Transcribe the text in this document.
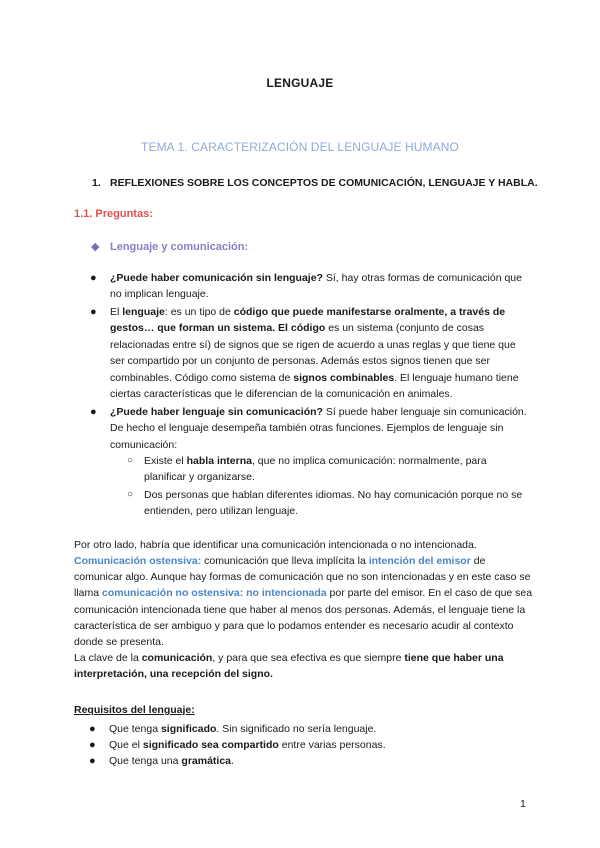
LENGUAJE
TEMA 1. CARACTERIZACIÓN DEL LENGUAJE HUMANO
1. REFLEXIONES SOBRE LOS CONCEPTOS DE COMUNICACIÓN, LENGUAJE Y HABLA.
1.1. Preguntas:
◆ Lenguaje y comunicación:
● ¿Puede haber comunicación sin lenguaje? Sí, hay otras formas de comunicación que no implican lenguaje.
● El lenguaje: es un tipo de código que puede manifestarse oralmente, a través de gestos… que forman un sistema. El código es un sistema (conjunto de cosas relacionadas entre sí) de signos que se rigen de acuerdo a unas reglas y que tiene que ser compartido por un conjunto de personas. Además estos signos tienen que ser combinables. Código como sistema de signos combinables. El lenguaje humano tiene ciertas características que le diferencian de la comunicación en animales.
● ¿Puede haber lenguaje sin comunicación? Sí puede haber lenguaje sin comunicación. De hecho el lenguaje desempeña también otras funciones. Ejemplos de lenguaje sin comunicación:
○ Existe el habla interna, que no implica comunicación: normalmente, para planificar y organizarse.
○ Dos personas que hablan diferentes idiomas. No hay comunicación porque no se entienden, pero utilizan lenguaje.
Por otro lado, habría que identificar una comunicación intencionada o no intencionada.
Comunicación ostensiva: comunicación que lleva implícita la intención del emisor de comunicar algo. Aunque hay formas de comunicación que no son intencionadas y en este caso se llama comunicación no ostensiva: no intencionada por parte del emisor. En el caso de que sea comunicación intencionada tiene que haber al menos dos personas. Además, el lenguaje tiene la característica de ser ambiguo y para que lo podamos entender es necesario acudir al contexto donde se presenta.
La clave de la comunicación, y para que sea efectiva es que siempre tiene que haber una interpretación, una recepción del signo.
Requisitos del lenguaje:
● Que tenga significado. Sin significado no sería lenguaje.
● Que el significado sea compartido entre varias personas.
● Que tenga una gramática.
1
